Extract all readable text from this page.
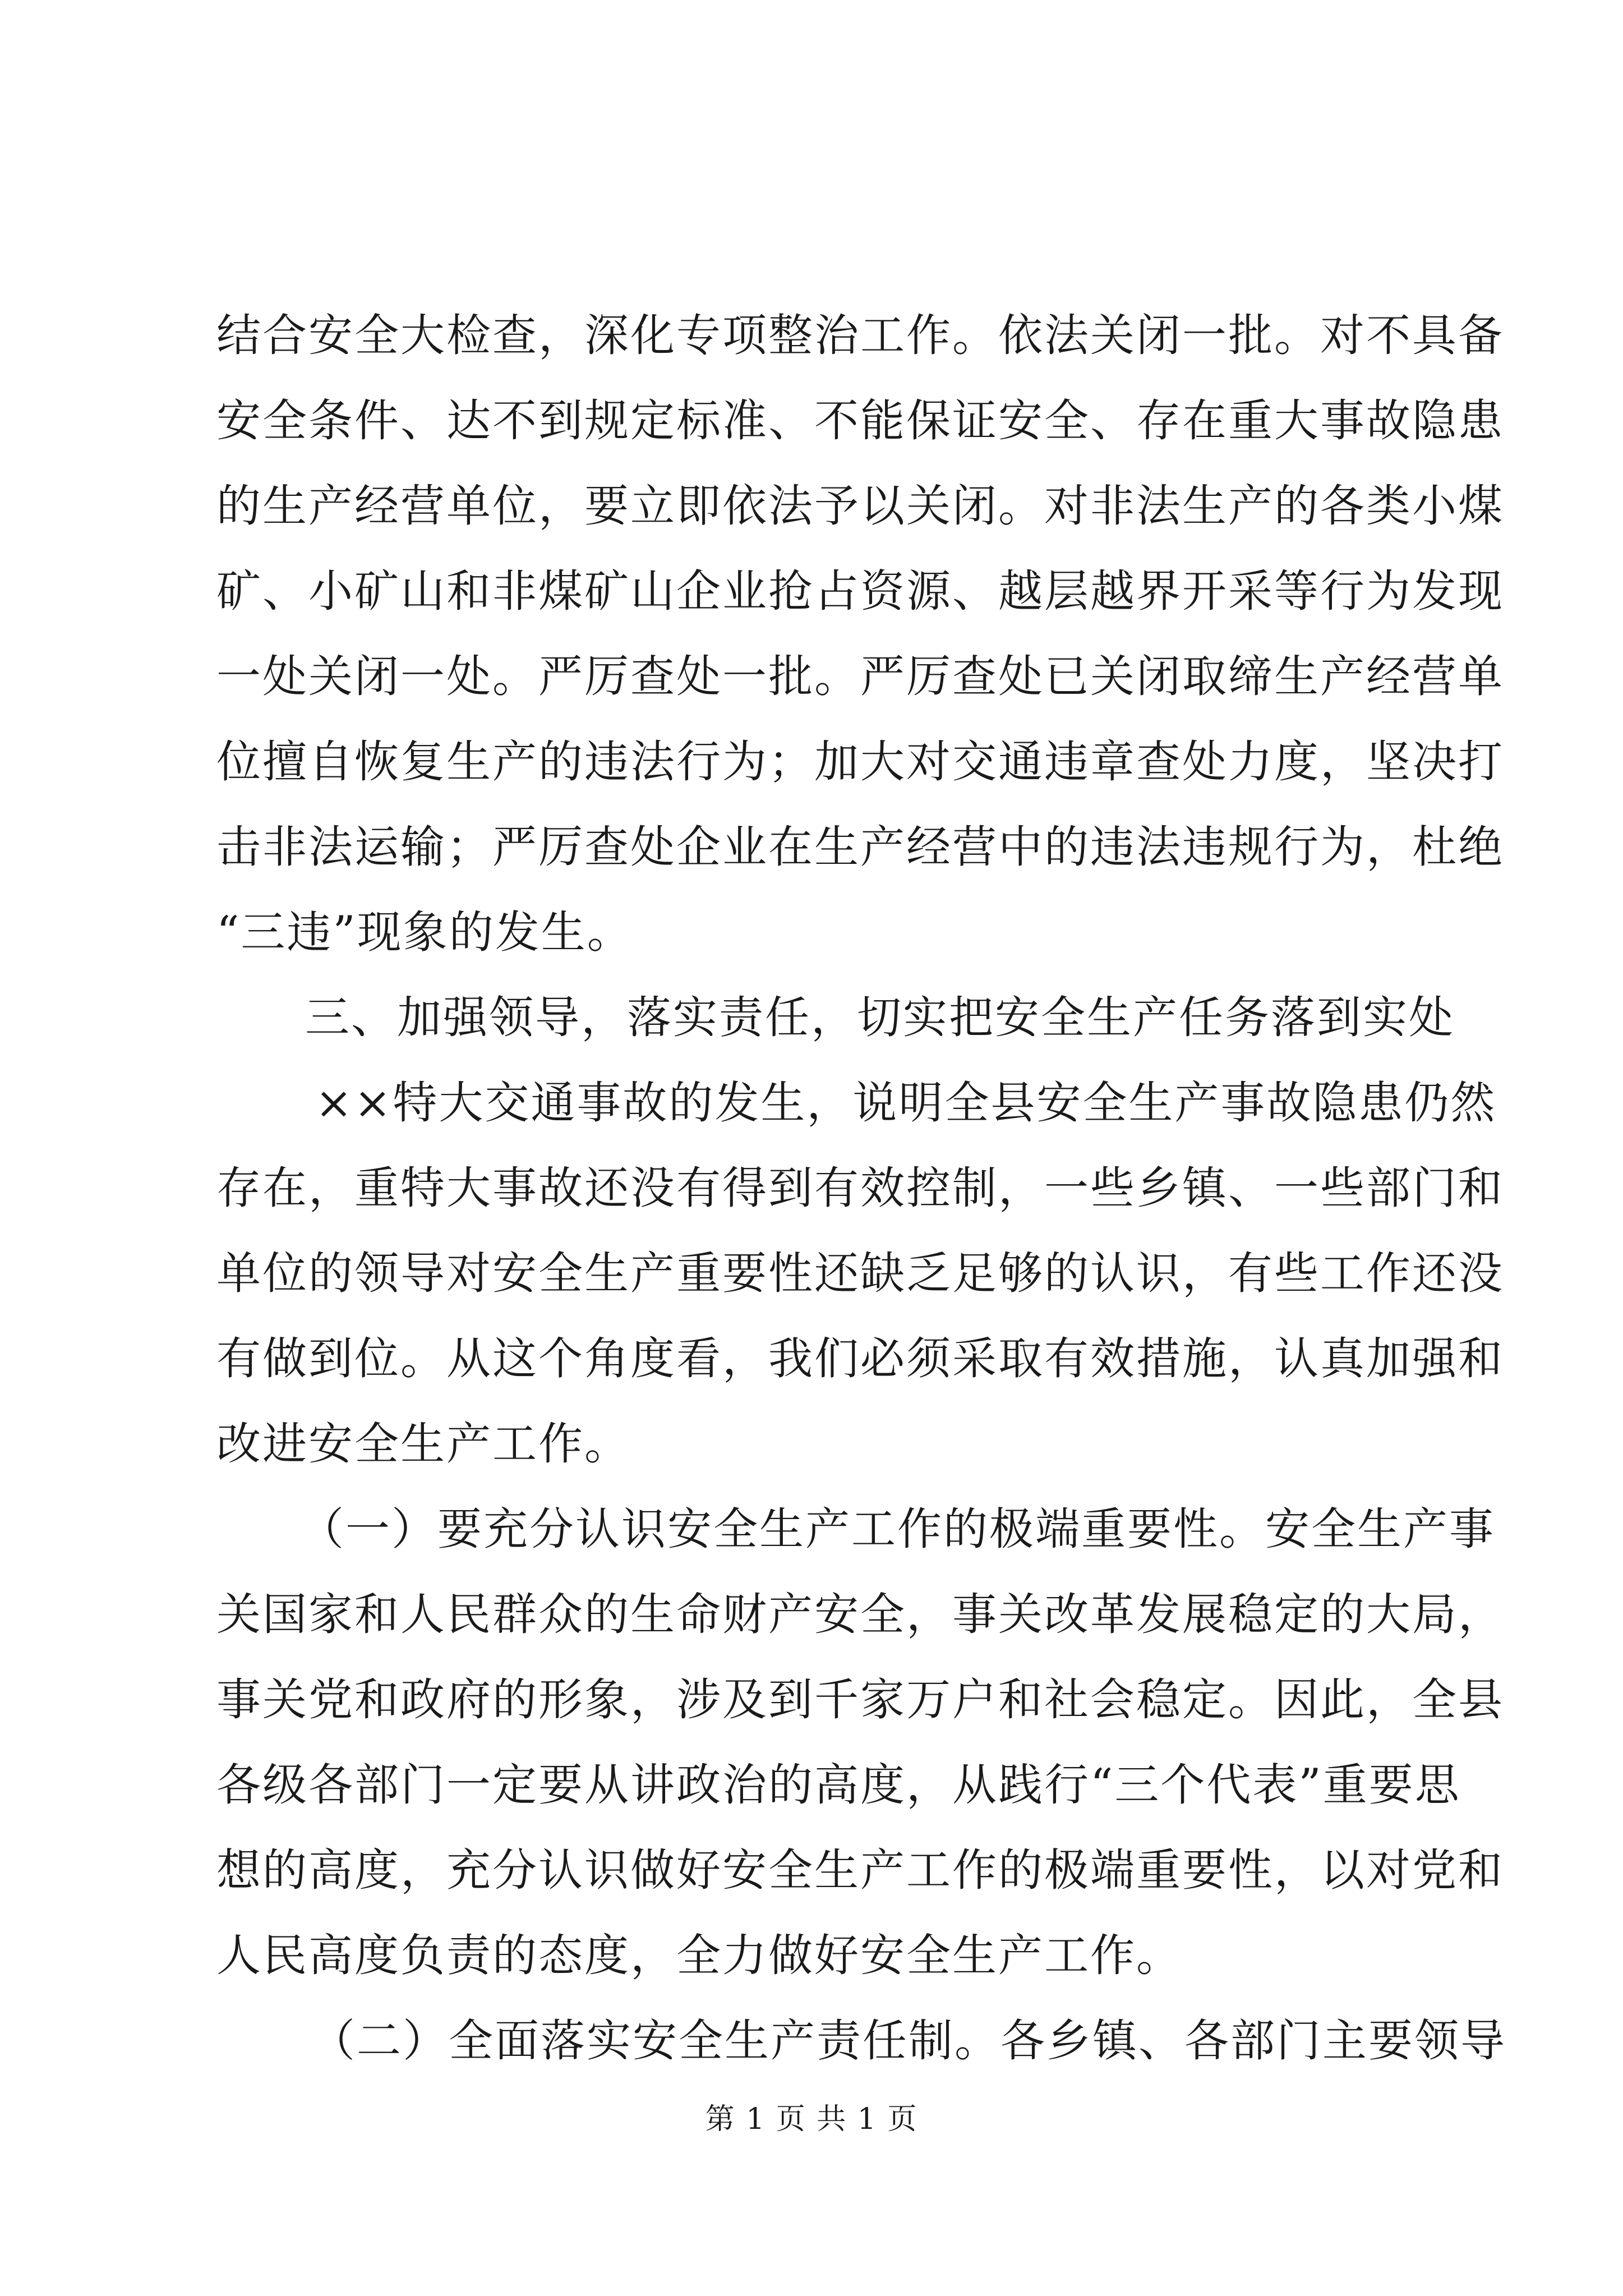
结合安全大检查，深化专项整治工作。依法关闭一批。对不具备
安全条件、达不到规定标准、不能保证安全、存在重大事故隐患
的生产经营单位，要立即依法予以关闭。对非法生产的各类小煤
矿、小矿山和非煤矿山企业抢占资源、越层越界开采等行为发现
一处关闭一处。严厉查处一批。严厉查处已关闭取缔生产经营单
位擅自恢复生产的违法行为；加大对交通违章查处力度，坚决打
击非法运输；严厉查处企业在生产经营中的违法违规行为，杜绝
“三违”现象的发生。
三、加强领导，落实责任，切实把安全生产任务落到实处
××特大交通事故的发生，说明全县安全生产事故隐患仍然
存在，重特大事故还没有得到有效控制，一些乡镇、一些部门和
单位的领导对安全生产重要性还缺乏足够的认识，有些工作还没
有做到位。从这个角度看，我们必须采取有效措施，认真加强和
改进安全生产工作。
（一）要充分认识安全生产工作的极端重要性。安全生产事
关国家和人民群众的生命财产安全，事关改革发展稳定的大局，
事关党和政府的形象，涉及到千家万户和社会稳定。因此，全县
各级各部门一定要从讲政治的高度，从践行“三个代表”重要思
想的高度，充分认识做好安全生产工作的极端重要性，以对党和
人民高度负责的态度，全力做好安全生产工作。
（二）全面落实安全生产责任制。各乡镇、各部门主要领导
第 1 页 共 1 页
